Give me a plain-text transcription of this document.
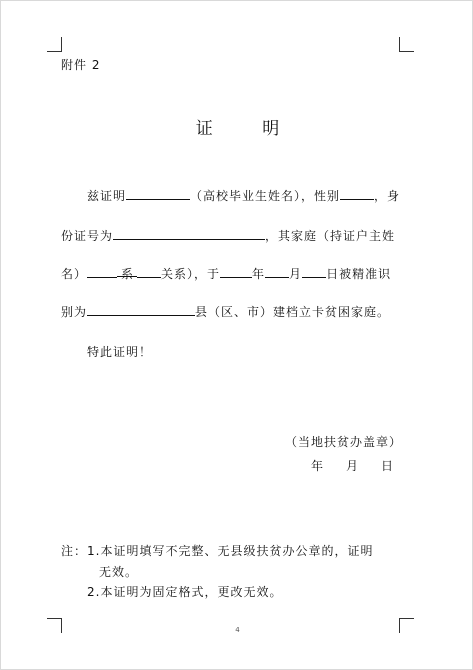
附件 2
证 明
兹证明	（高校毕业生姓名），性别	，身
份证号为	，其家庭（持证户主姓
名）	系 关系），于	年 月 日被精准识
别为	县（区、市）建档立卡贫困家庭。
特此证明！
（当地扶贫办盖章）
年 月 日
注：1.本证明填写不完整、无县级扶贫办公章的，证明
无效。
2.本证明为固定格式，更改无效。
4
